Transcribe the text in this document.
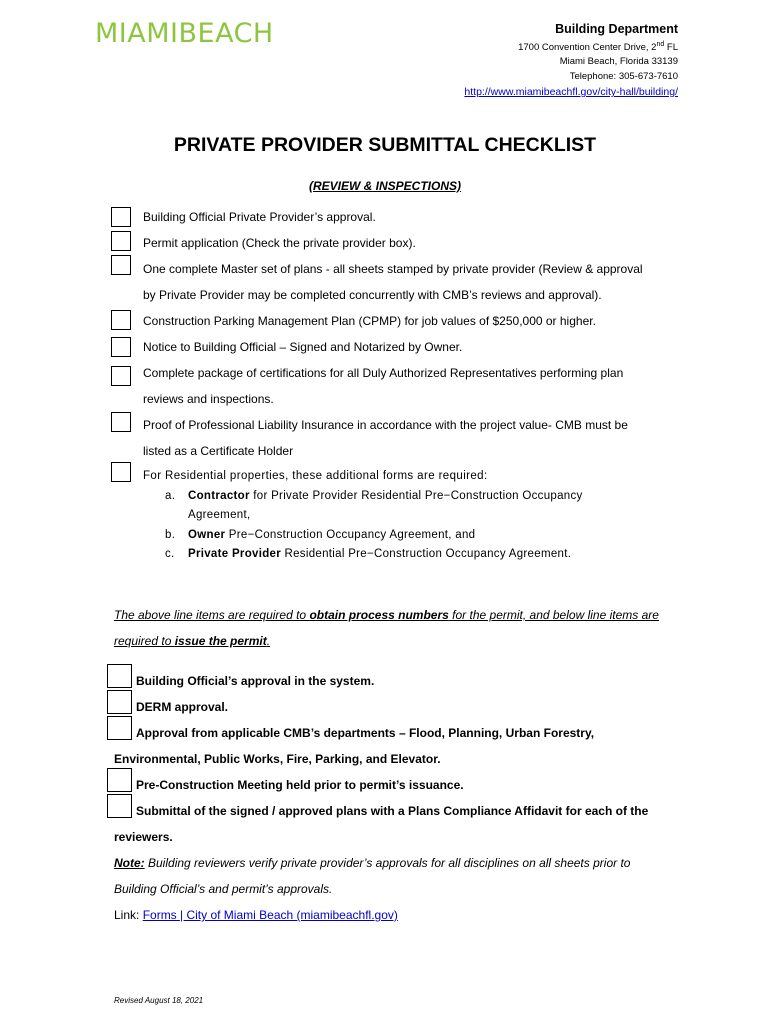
MIAMIBEACH	Building Department
1700 Convention Center Drive, 2nd FL
Miami Beach, Florida 33139
Telephone: 305-673-7610
http://www.miamibeachfl.gov/city-hall/building/
PRIVATE PROVIDER SUBMITTAL CHECKLIST
(REVIEW & INSPECTIONS)
Building Official Private Provider’s approval.
Permit application (Check the private provider box).
One complete Master set of plans - all sheets stamped by private provider (Review & approval
by Private Provider may be completed concurrently with CMB’s reviews and approval).
Construction Parking Management Plan (CPMP) for job values of $250,000 or higher.
Notice to Building Official – Signed and Notarized by Owner.
Complete package of certifications for all Duly Authorized Representatives performing plan
reviews and inspections.
Proof of Professional Liability Insurance in accordance with the project value- CMB must be
listed as a Certificate Holder
For Residential properties, these additional forms are required:
a. Contractor for Private Provider Residential Pre−Construction Occupancy
Agreement,
b. Owner Pre−Construction Occupancy Agreement, and
c. Private Provider Residential Pre−Construction Occupancy Agreement.
The above line items are required to obtain process numbers for the permit, and below line items are
required to issue the permit.
Building Official’s approval in the system.
DERM approval.
Approval from applicable CMB’s departments – Flood, Planning, Urban Forestry,
Environmental, Public Works, Fire, Parking, and Elevator.
Pre-Construction Meeting held prior to permit’s issuance.
Submittal of the signed / approved plans with a Plans Compliance Affidavit for each of the
reviewers.
Note: Building reviewers verify private provider’s approvals for all disciplines on all sheets prior to
Building Official’s and permit’s approvals.
Link: Forms | City of Miami Beach (miamibeachfl.gov)
Revised August 18, 2021
